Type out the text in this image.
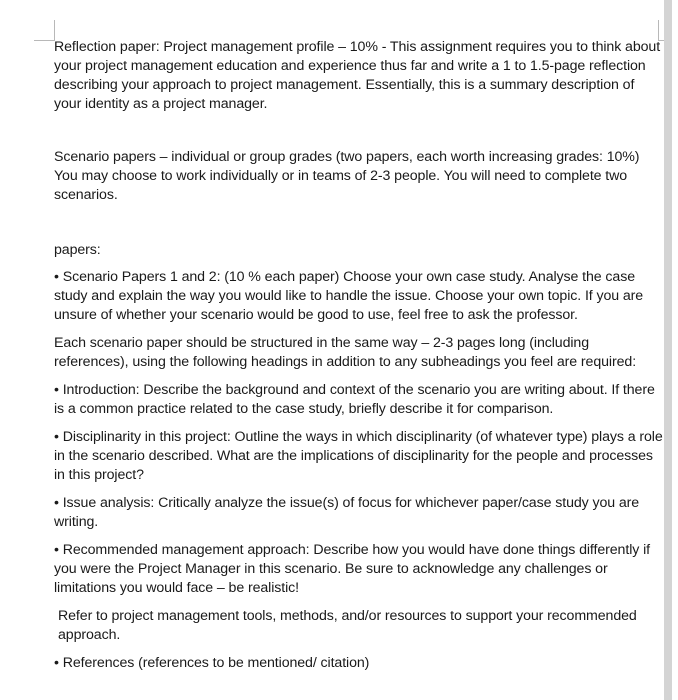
Reflection paper: Project management profile – 10% - This assignment requires you to think about your project management education and experience thus far and write a 1 to 1.5-page reflection describing your approach to project management. Essentially, this is a summary description of your identity as a project manager.

Scenario papers – individual or group grades (two papers, each worth increasing grades: 10%) You may choose to work individually or in teams of 2-3 people. You will need to complete two scenarios.

papers:

• Scenario Papers 1 and 2: (10 % each paper) Choose your own case study. Analyse the case study and explain the way you would like to handle the issue. Choose your own topic. If you are unsure of whether your scenario would be good to use, feel free to ask the professor.

Each scenario paper should be structured in the same way – 2-3 pages long (including references), using the following headings in addition to any subheadings you feel are required:

• Introduction: Describe the background and context of the scenario you are writing about. If there is a common practice related to the case study, briefly describe it for comparison.

• Disciplinarity in this project: Outline the ways in which disciplinarity (of whatever type) plays a role in the scenario described. What are the implications of disciplinarity for the people and processes in this project?

• Issue analysis: Critically analyze the issue(s) of focus for whichever paper/case study you are writing.

• Recommended management approach: Describe how you would have done things differently if you were the Project Manager in this scenario. Be sure to acknowledge any challenges or limitations you would face – be realistic!

Refer to project management tools, methods, and/or resources to support your recommended approach.

• References (references to be mentioned/ citation)
